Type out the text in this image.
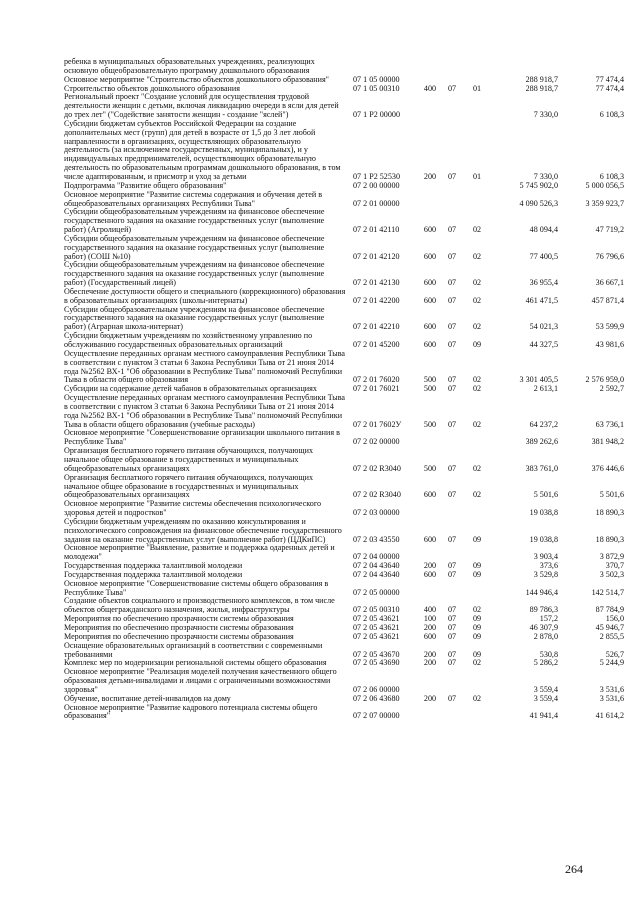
ребенка в муниципальных образовательных учреждениях, реализующих основную общеобразовательную программу дошкольного образования
Основное мероприятие "Строительство объектов дошкольного образования"	07 1 05 00000	288 918,7	77 474,4
Строительство объектов дошкольного образования	07 1 05 00310	400	07	01	288 918,7	77 474,4
Региональный проект "Создание условий для осуществления трудовой деятельности женщин с детьми, включая ликвидацию очереди в ясли для детей до трех лет" ("Содействие занятости женщин - создание "яслей")	07 1 P2 00000	7 330,0	6 108,3
Субсидии бюджетам субъектов Российской Федерации на создание дополнительных мест (групп) для детей в возрасте от 1,5 до 3 лет любой направленности в организациях, осуществляющих образовательную деятельность (за исключением государственных, муниципальных), и у индивидуальных предпринимателей, осуществляющих образовательную деятельность по образовательным программам дошкольного образования, в том числе адаптированным, и присмотр и уход за детьми	07 1 P2 52530	200	07	01	7 330,0	6 108,3
Подпрограмма "Развитие общего образования"	07 2 00 00000	5 745 902,0	5 000 056,5
Основное мероприятие "Развитие системы содержания и обучения детей в общеобразовательных организациях Республики Тыва"	07 2 01 00000	4 090 526,3	3 359 923,7
Субсидии общеобразовательным учреждениям на финансовое обеспечение государственного задания на оказание государственных услуг (выполнение работ) (Агролицей)	07 2 01 42110	600	07	02	48 094,4	47 719,2
Субсидии общеобразовательным учреждениям на финансовое обеспечение государственного задания на оказание государственных услуг (выполнение работ) (СОШ №10)	07 2 01 42120	600	07	02	77 400,5	76 796,6
Субсидии общеобразовательным учреждениям на финансовое обеспечение государственного задания на оказание государственных услуг (выполнение работ) (Государственный лицей)	07 2 01 42130	600	07	02	36 955,4	36 667,1
Обеспечение доступности общего и специального (коррекционного) образования в образовательных организациях (школы-интернаты)	07 2 01 42200	600	07	02	461 471,5	457 871,4
Субсидии общеобразовательным учреждениям на финансовое обеспечение государственного задания на оказание государственных услуг (выполнение работ) (Аграрная школа-интернат)	07 2 01 42210	600	07	02	54 021,3	53 599,9
Субсидии бюджетным учреждениям по хозяйственному управлению по обслуживанию государственных образовательных организаций	07 2 01 45200	600	07	09	44 327,5	43 981,6
Осуществление переданных органам местного самоуправления Республики Тыва в соответствии с пунктом 3 статьи 6 Закона Республики Тыва от 21 июня 2014 года №2562 ВХ-1 "Об образовании в Республике Тыва" полномочий Республики Тыва в области общего образования	07 2 01 76020	500	07	02	3 301 405,5	2 576 959,0
Субсидии на содержание детей чабанов в образовательных организациях	07 2 01 76021	500	07	02	2 613,1	2 592,7
Осуществление переданных органам местного самоуправления Республики Тыва в соответствии с пунктом 3 статьи 6 Закона Республики Тыва от 21 июня 2014 года №2562 ВХ-1 "Об образовании в Республике Тыва" полномочий Республики Тыва в области общего образования (учебные расходы)	07 2 01 7602У	500	07	02	64 237,2	63 736,1
Основное мероприятие "Совершенствование организации школьного питания в Республике Тыва"	07 2 02 00000	389 262,6	381 948,2
Организация бесплатного горячего питания обучающихся, получающих начальное общее образование в государственных и муниципальных общеобразовательных организациях	07 2 02 R3040	500	07	02	383 761,0	376 446,6
Организация бесплатного горячего питания обучающихся, получающих начальное общее образование в государственных и муниципальных общеобразовательных организациях	07 2 02 R3040	600	07	02	5 501,6	5 501,6
Основное мероприятие "Развитие системы обеспечения психологического здоровья детей и подростков"	07 2 03 00000	19 038,8	18 890,3
Субсидии бюджетным учреждениям по оказанию консультирования и психологического сопровождения на финансовое обеспечение государственного задания на оказание государственных услуг (выполнение работ) (ЦДКиПС)	07 2 03 43550	600	07	09	19 038,8	18 890,3
Основное мероприятие "Выявление, развитие и поддержка одаренных детей и молодежи"	07 2 04 00000	3 903,4	3 872,9
Государственная поддержка талантливой молодежи	07 2 04 43640	200	07	09	373,6	370,7
Государственная поддержка талантливой молодежи	07 2 04 43640	600	07	09	3 529,8	3 502,3
Основное мероприятие "Совершенствование системы общего образования в Республике Тыва"	07 2 05 00000	144 946,4	142 514,7
Создание объектов социального и производственного комплексов, в том числе объектов общегражданского назначения, жилья, инфраструктуры	07 2 05 00310	400	07	02	89 786,3	87 784,9
Мероприятия по обеспечению прозрачности системы образования	07 2 05 43621	100	07	09	157,2	156,0
Мероприятия по обеспечению прозрачности системы образования	07 2 05 43621	200	07	09	46 307,9	45 946,7
Мероприятия по обеспечению прозрачности системы образования	07 2 05 43621	600	07	09	2 878,0	2 855,5
Оснащение образовательных организаций в соответствии с современными требованиями	07 2 05 43670	200	07	09	530,8	526,7
Комплекс мер по модернизации региональной системы общего образования	07 2 05 43690	200	07	02	5 286,2	5 244,9
Основное мероприятие "Реализация моделей получения качественного общего образования детьми-инвалидами и лицами с ограниченными возможностями здоровья"	07 2 06 00000	3 559,4	3 531,6
Обучение, воспитание детей-инвалидов на дому	07 2 06 43680	200	07	02	3 559,4	3 531,6
Основное мероприятие "Развитие кадрового потенциала системы общего образования"	07 2 07 00000	41 941,4	41 614,2
264
